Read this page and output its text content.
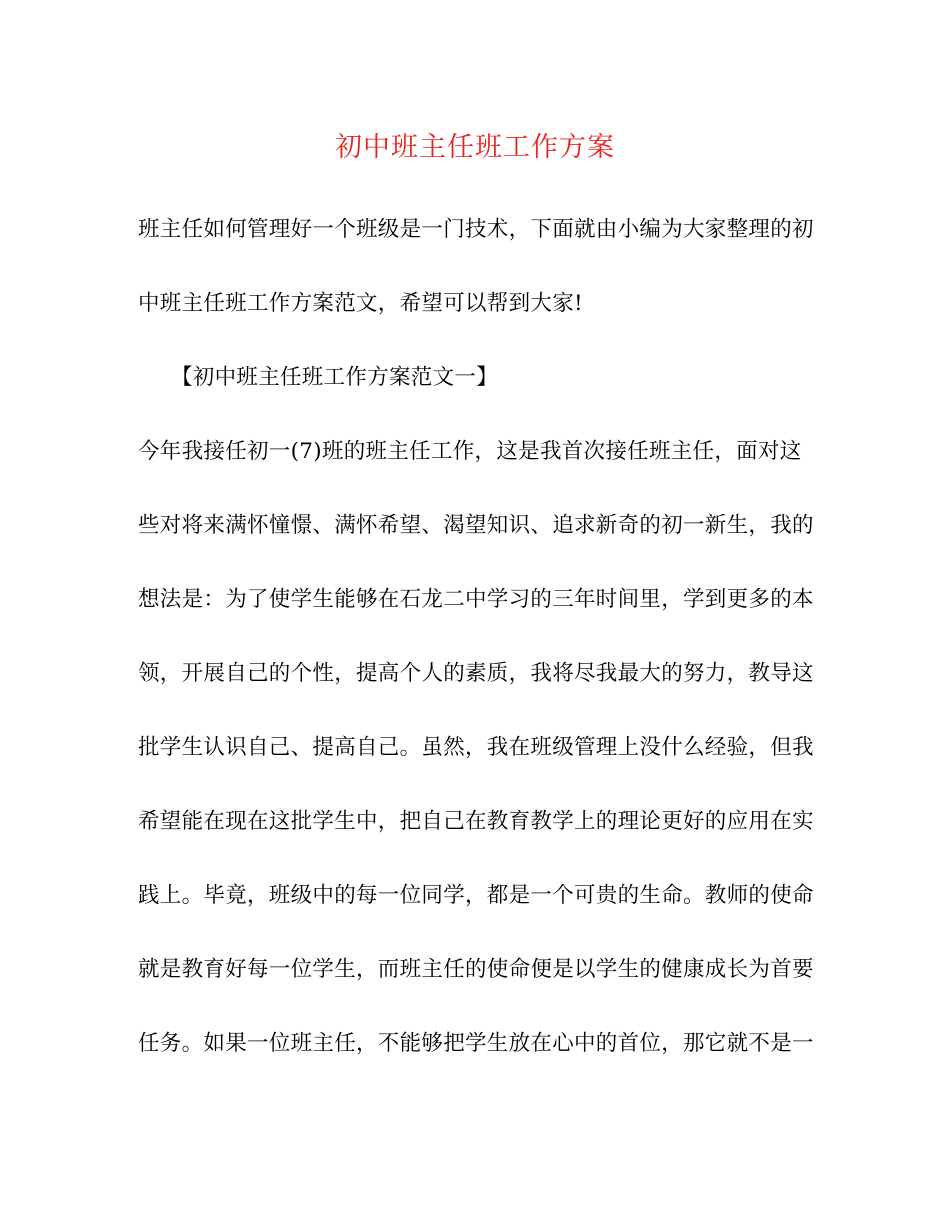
初中班主任班工作方案
班主任如何管理好一个班级是一门技术，下面就由小编为大家整理的初
中班主任班工作方案范文，希望可以帮到大家!
【初中班主任班工作方案范文一】
今年我接任初一(7)班的班主任工作，这是我首次接任班主任，面对这
些对将来满怀憧憬、满怀希望、渴望知识、追求新奇的初一新生，我的
想法是：为了使学生能够在石龙二中学习的三年时间里，学到更多的本
领，开展自己的个性，提高个人的素质，我将尽我最大的努力，教导这
批学生认识自己、提高自己。虽然，我在班级管理上没什么经验，但我
希望能在现在这批学生中，把自己在教育教学上的理论更好的应用在实
践上。毕竟，班级中的每一位同学，都是一个可贵的生命。教师的使命
就是教育好每一位学生，而班主任的使命便是以学生的健康成长为首要
任务。如果一位班主任，不能够把学生放在心中的首位，那它就不是一
